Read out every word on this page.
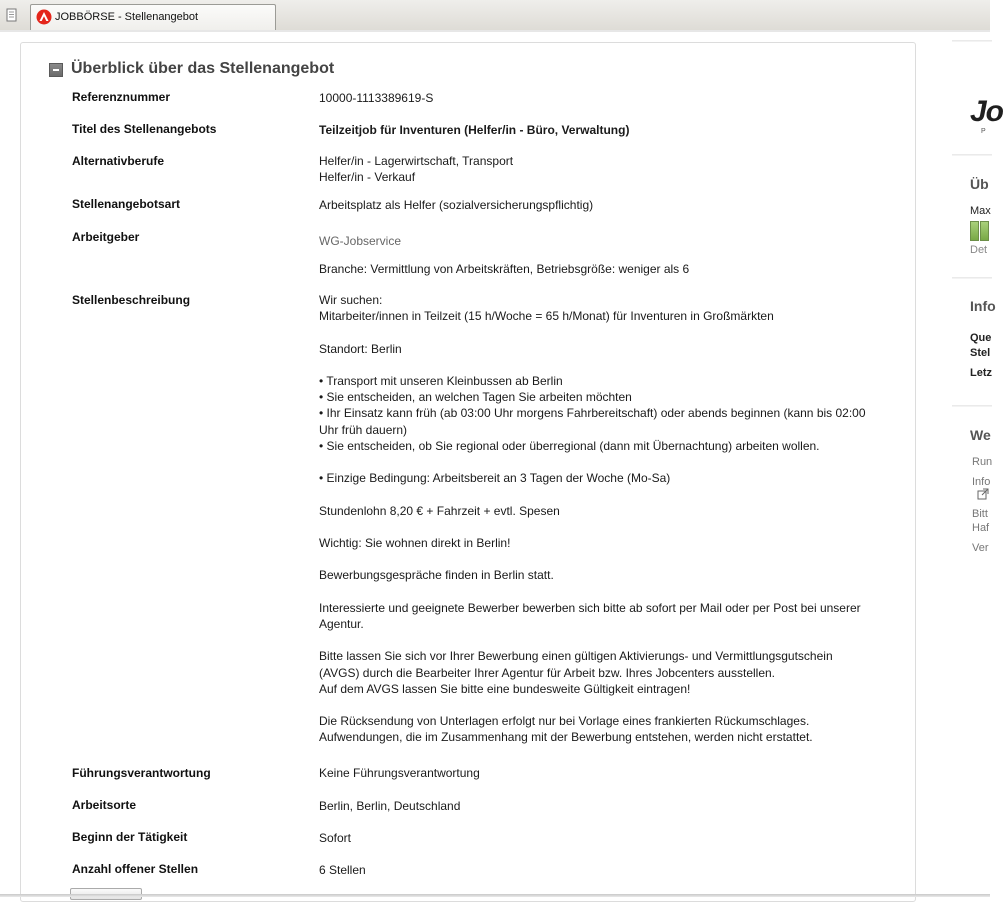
JOBBÖRSE - Stellenangebot
Überblick über das Stellenangebot
Referenznummer	10000-1113389619-S
Titel des Stellenangebots	Teilzeitjob für Inventuren (Helfer/in - Büro, Verwaltung)
Alternativberufe	Helfer/in - Lagerwirtschaft, Transport
Helfer/in - Verkauf
Stellenangebotsart	Arbeitsplatz als Helfer (sozialversicherungspflichtig)
Arbeitgeber	WG-Jobservice
Branche: Vermittlung von Arbeitskräften, Betriebsgröße: weniger als 6
Stellenbeschreibung	Wir suchen:

Mitarbeiter/innen in Teilzeit (15 h/Woche = 65 h/Monat) für Inventuren in Großmärkten

Standort: Berlin

• Transport mit unseren Kleinbussen ab Berlin

• Sie entscheiden, an welchen Tagen Sie arbeiten möchten

• Ihr Einsatz kann früh (ab 03:00 Uhr morgens Fahrbereitschaft) oder abends beginnen (kann bis 02:00

Uhr früh dauern)

• Sie entscheiden, ob Sie regional oder überregional (dann mit Übernachtung) arbeiten wollen.

• Einzige Bedingung: Arbeitsbereit an 3 Tagen der Woche (Mo-Sa)

Stundenlohn 8,20 € + Fahrzeit + evtl. Spesen

Wichtig: Sie wohnen direkt in Berlin!

Bewerbungsgespräche finden in Berlin statt.

Interessierte und geeignete Bewerber bewerben sich bitte ab sofort per Mail oder per Post bei unserer

Agentur.

Bitte lassen Sie sich vor Ihrer Bewerbung einen gültigen Aktivierungs- und Vermittlungsgutschein

(AVGS) durch die Bearbeiter Ihrer Agentur für Arbeit bzw. Ihres Jobcenters ausstellen.

Auf dem AVGS lassen Sie bitte eine bundesweite Gültigkeit eintragen!

Die Rücksendung von Unterlagen erfolgt nur bei Vorlage eines frankierten Rückumschlages.

Aufwendungen, die im Zusammenhang mit der Bewerbung entstehen, werden nicht erstattet.

Führungsverantwortung	Keine Führungsverantwortung
Arbeitsorte	Berlin, Berlin, Deutschland
Beginn der Tätigkeit	Sofort
Anzahl offener Stellen	6 Stellen
Jo
P
Üb
Max
Det
Info
Que
Stel
Letz
We
Run
Info
Bitt
Haf
Ver
